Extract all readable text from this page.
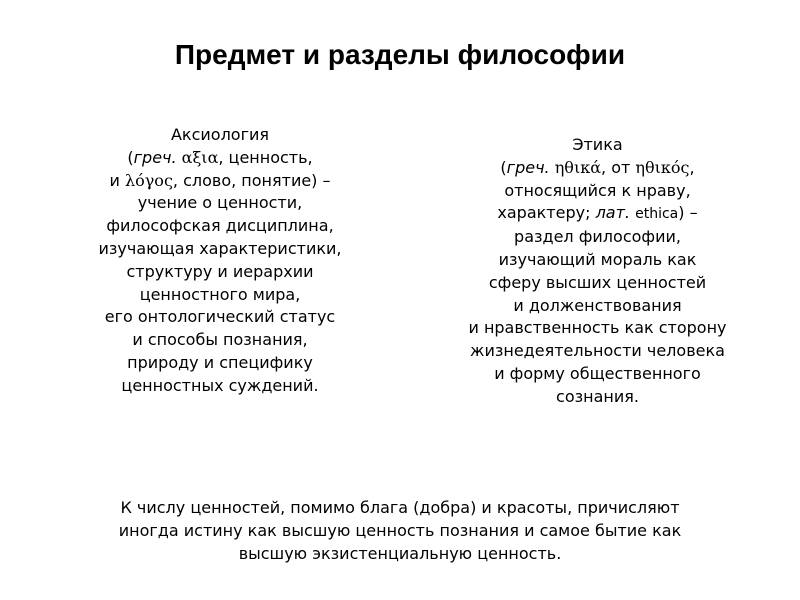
Предмет и разделы философии
Аксиология
(греч. αξια, ценность,
и λόγος, слово, понятие) –
учение о ценности,
философская дисциплина,
изучающая характеристики,
структуру и иерархии
ценностного мира,
его онтологический статус
и способы познания,
природу и специфику
ценностных суждений.
Этика
(греч. ηθικά, от ηθικός,
относящийся к нраву,
характеру; лат. ethica) –
раздел философии,
изучающий мораль как
сферу высших ценностей
и долженствования
и нравственность как сторону
жизнедеятельности человека
и форму общественного
сознания.
К числу ценностей, помимо блага (добра) и красоты, причисляют
иногда истину как высшую ценность познания и самое бытие как
высшую экзистенциальную ценность.
